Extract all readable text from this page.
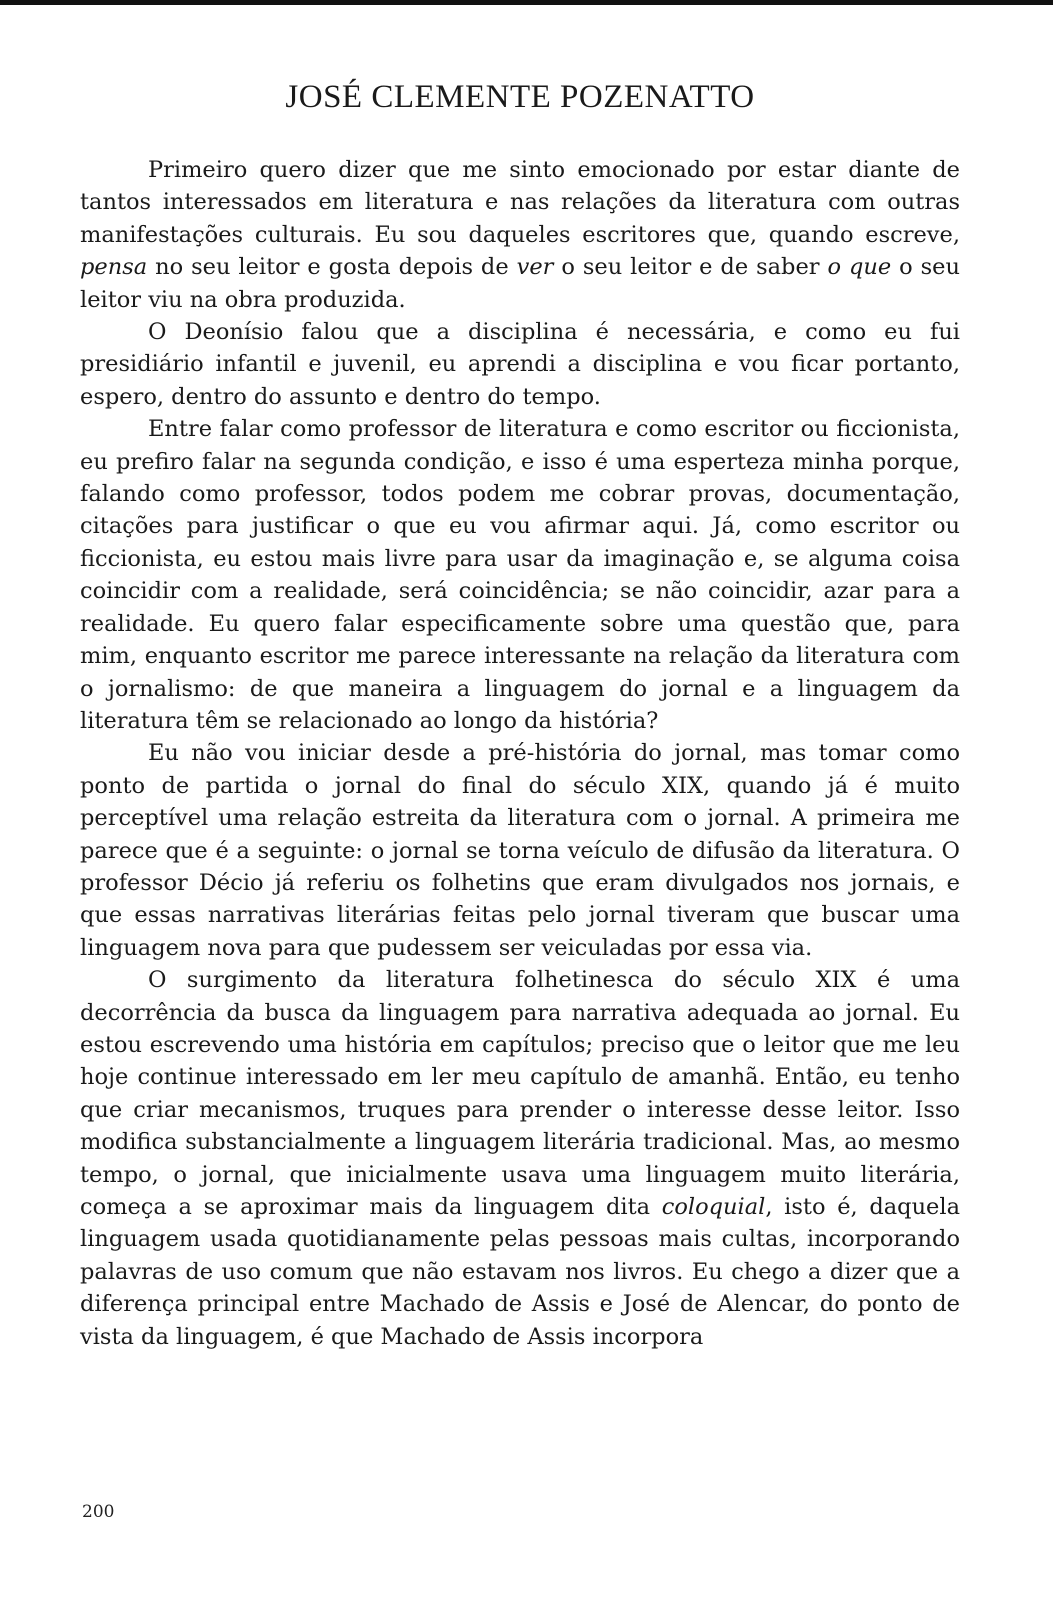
JOSÉ CLEMENTE POZENATTO

Primeiro quero dizer que me sinto emocionado por estar diante de tantos interessados em literatura e nas relações da literatura com outras manifestações culturais. Eu sou daqueles escritores que, quando escreve, pensa no seu leitor e gosta depois de ver o seu leitor e de saber o que o seu leitor viu na obra produzida.

O Deonísio falou que a disciplina é necessária, e como eu fui presidiário infantil e juvenil, eu aprendi a disciplina e vou ficar portanto, espero, dentro do assunto e dentro do tempo.

Entre falar como professor de literatura e como escritor ou ficcionista, eu prefiro falar na segunda condição, e isso é uma esperteza minha porque, falando como professor, todos podem me cobrar provas, documentação, citações para justificar o que eu vou afirmar aqui. Já, como escritor ou ficcionista, eu estou mais livre para usar da imaginação e, se alguma coisa coincidir com a realidade, será coincidência; se não coincidir, azar para a realidade. Eu quero falar especificamente sobre uma questão que, para mim, enquanto escritor me parece interessante na relação da literatura com o jornalismo: de que maneira a linguagem do jornal e a linguagem da literatura têm se relacionado ao longo da história?

Eu não vou iniciar desde a pré-história do jornal, mas tomar como ponto de partida o jornal do final do século XIX, quando já é muito perceptível uma relação estreita da literatura com o jornal. A primeira me parece que é a seguinte: o jornal se torna veículo de difusão da literatura. O professor Décio já referiu os folhetins que eram divulgados nos jornais, e que essas narrativas literárias feitas pelo jornal tiveram que buscar uma linguagem nova para que pudessem ser veiculadas por essa via.

O surgimento da literatura folhetinesca do século XIX é uma decorrência da busca da linguagem para narrativa adequada ao jornal. Eu estou escrevendo uma história em capítulos; preciso que o leitor que me leu hoje continue interessado em ler meu capítulo de amanhã. Então, eu tenho que criar mecanismos, truques para prender o interesse desse leitor. Isso modifica substancialmente a linguagem literária tradicional. Mas, ao mesmo tempo, o jornal, que inicialmente usava uma linguagem muito literária, começa a se aproximar mais da linguagem dita coloquial, isto é, daquela linguagem usada quotidianamente pelas pessoas mais cultas, incorporando palavras de uso comum que não estavam nos livros. Eu chego a dizer que a diferença principal entre Machado de Assis e José de Alencar, do ponto de vista da linguagem, é que Machado de Assis incorpora

200
